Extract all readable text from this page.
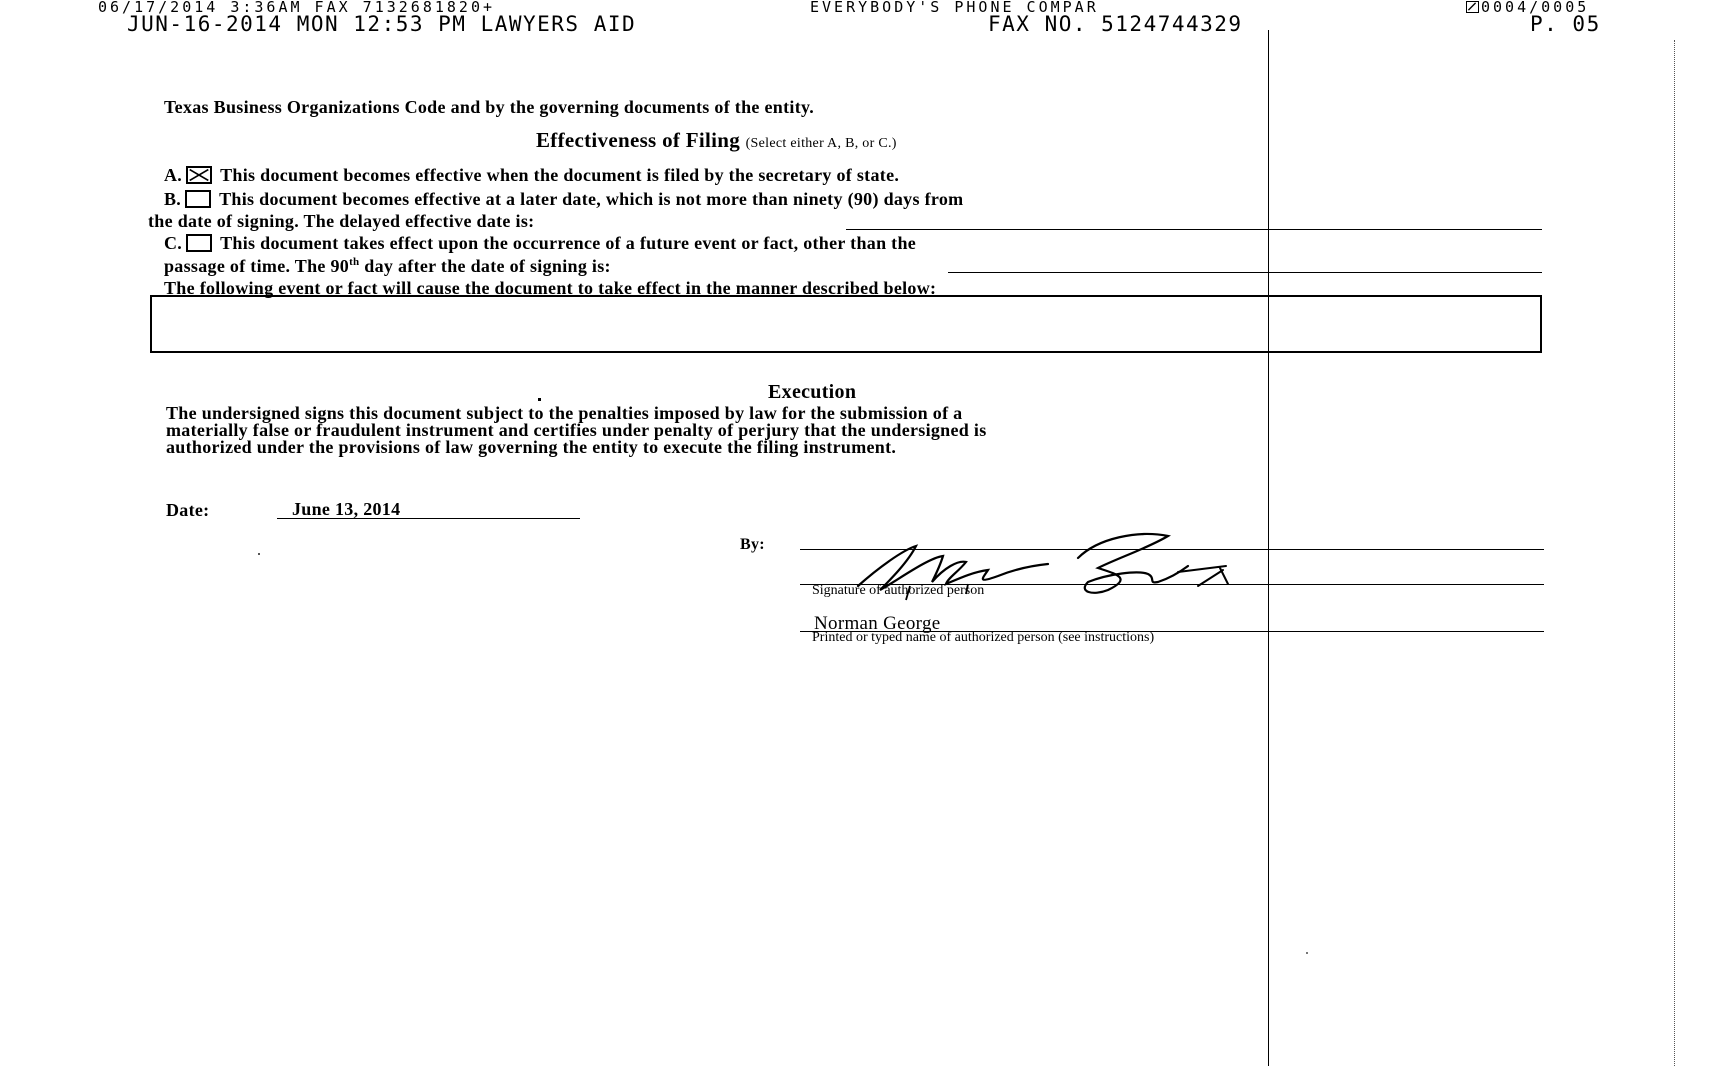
06/17/2014 3:36AM FAX 7132681820+	EVERYBODY'S PHONE COMPAR	0004/0005
JUN-16-2014 MON 12:53 PM LAWYERS AID	FAX NO. 5124744329	P. 05
Texas Business Organizations Code and by the governing documents of the entity.
Effectiveness of Filing (Select either A, B, or C.)
A. This document becomes effective when the document is filed by the secretary of state.
B. This document becomes effective at a later date, which is not more than ninety (90) days from
the date of signing. The delayed effective date is:
C. This document takes effect upon the occurrence of a future event or fact, other than the
passage of time. The 90th day after the date of signing is:
The following event or fact will cause the document to take effect in the manner described below:
Execution
The undersigned signs this document subject to the penalties imposed by law for the submission of a
materially false or fraudulent instrument and certifies under penalty of perjury that the undersigned is
authorized under the provisions of law governing the entity to execute the filing instrument.
Date:	June 13, 2014
By:
Signature of authorized person
Norman George
Printed or typed name of authorized person (see instructions)
